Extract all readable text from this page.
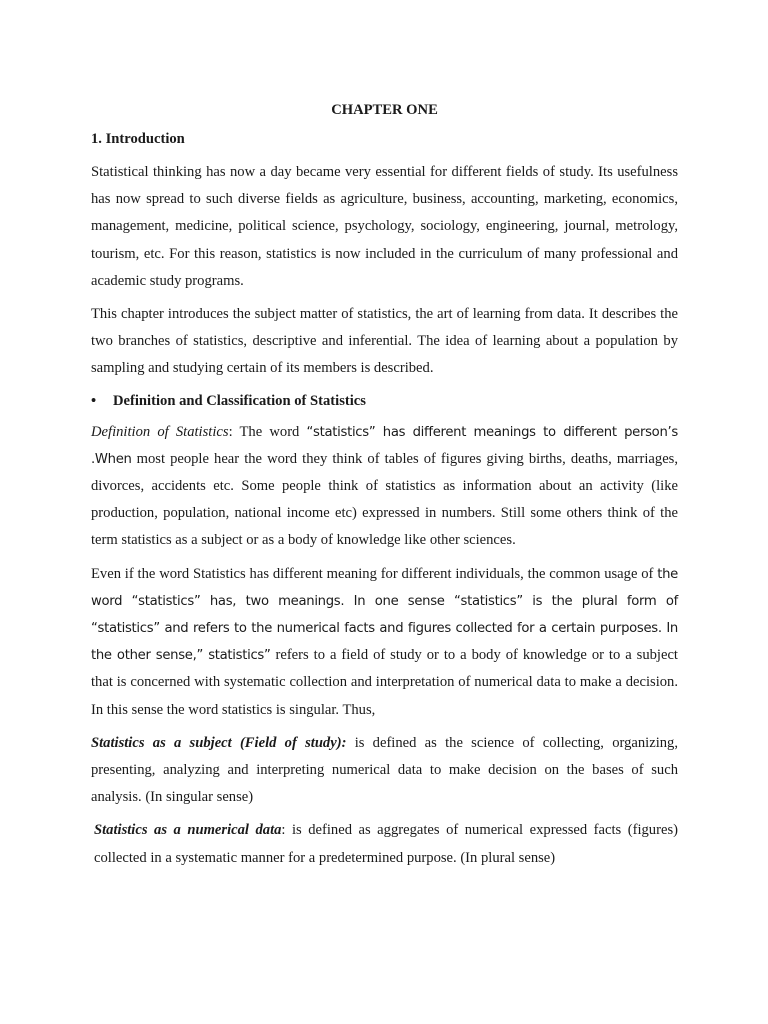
CHAPTER ONE
1. Introduction

Statistical thinking has now a day became very essential for different fields of study. Its usefulness has now spread to such diverse fields as agriculture, business, accounting, marketing, economics, management, medicine, political science, psychology, sociology, engineering, journal, metrology, tourism, etc. For this reason, statistics is now included in the curriculum of many professional and academic study programs.

This chapter introduces the subject matter of statistics, the art of learning from data. It describes the two branches of statistics, descriptive and inferential. The idea of learning about a population by sampling and studying certain of its members is described.

•	Definition and Classification of Statistics

Definition of Statistics: The word “statistics” has different meanings to different person’s .When most people hear the word they think of tables of figures giving births, deaths, marriages, divorces, accidents etc. Some people think of statistics as information about an activity (like production, population, national income etc) expressed in numbers. Still some others think of the term statistics as a subject or as a body of knowledge like other sciences.

Even if the word Statistics has different meaning for different individuals, the common usage of the word “statistics” has, two meanings. In one sense “statistics” is the plural form of “statistics” and refers to the numerical facts and figures collected for a certain purposes. In the other sense,” statistics” refers to a field of study or to a body of knowledge or to a subject that is concerned with systematic collection and interpretation of numerical data to make a decision. In this sense the word statistics is singular. Thus,

Statistics as a subject (Field of study): is defined as the science of collecting, organizing, presenting, analyzing and interpreting numerical data to make decision on the bases of such analysis. (In singular sense)

Statistics as a numerical data: is defined as aggregates of numerical expressed facts (figures) collected in a systematic manner for a predetermined purpose. (In plural sense)
